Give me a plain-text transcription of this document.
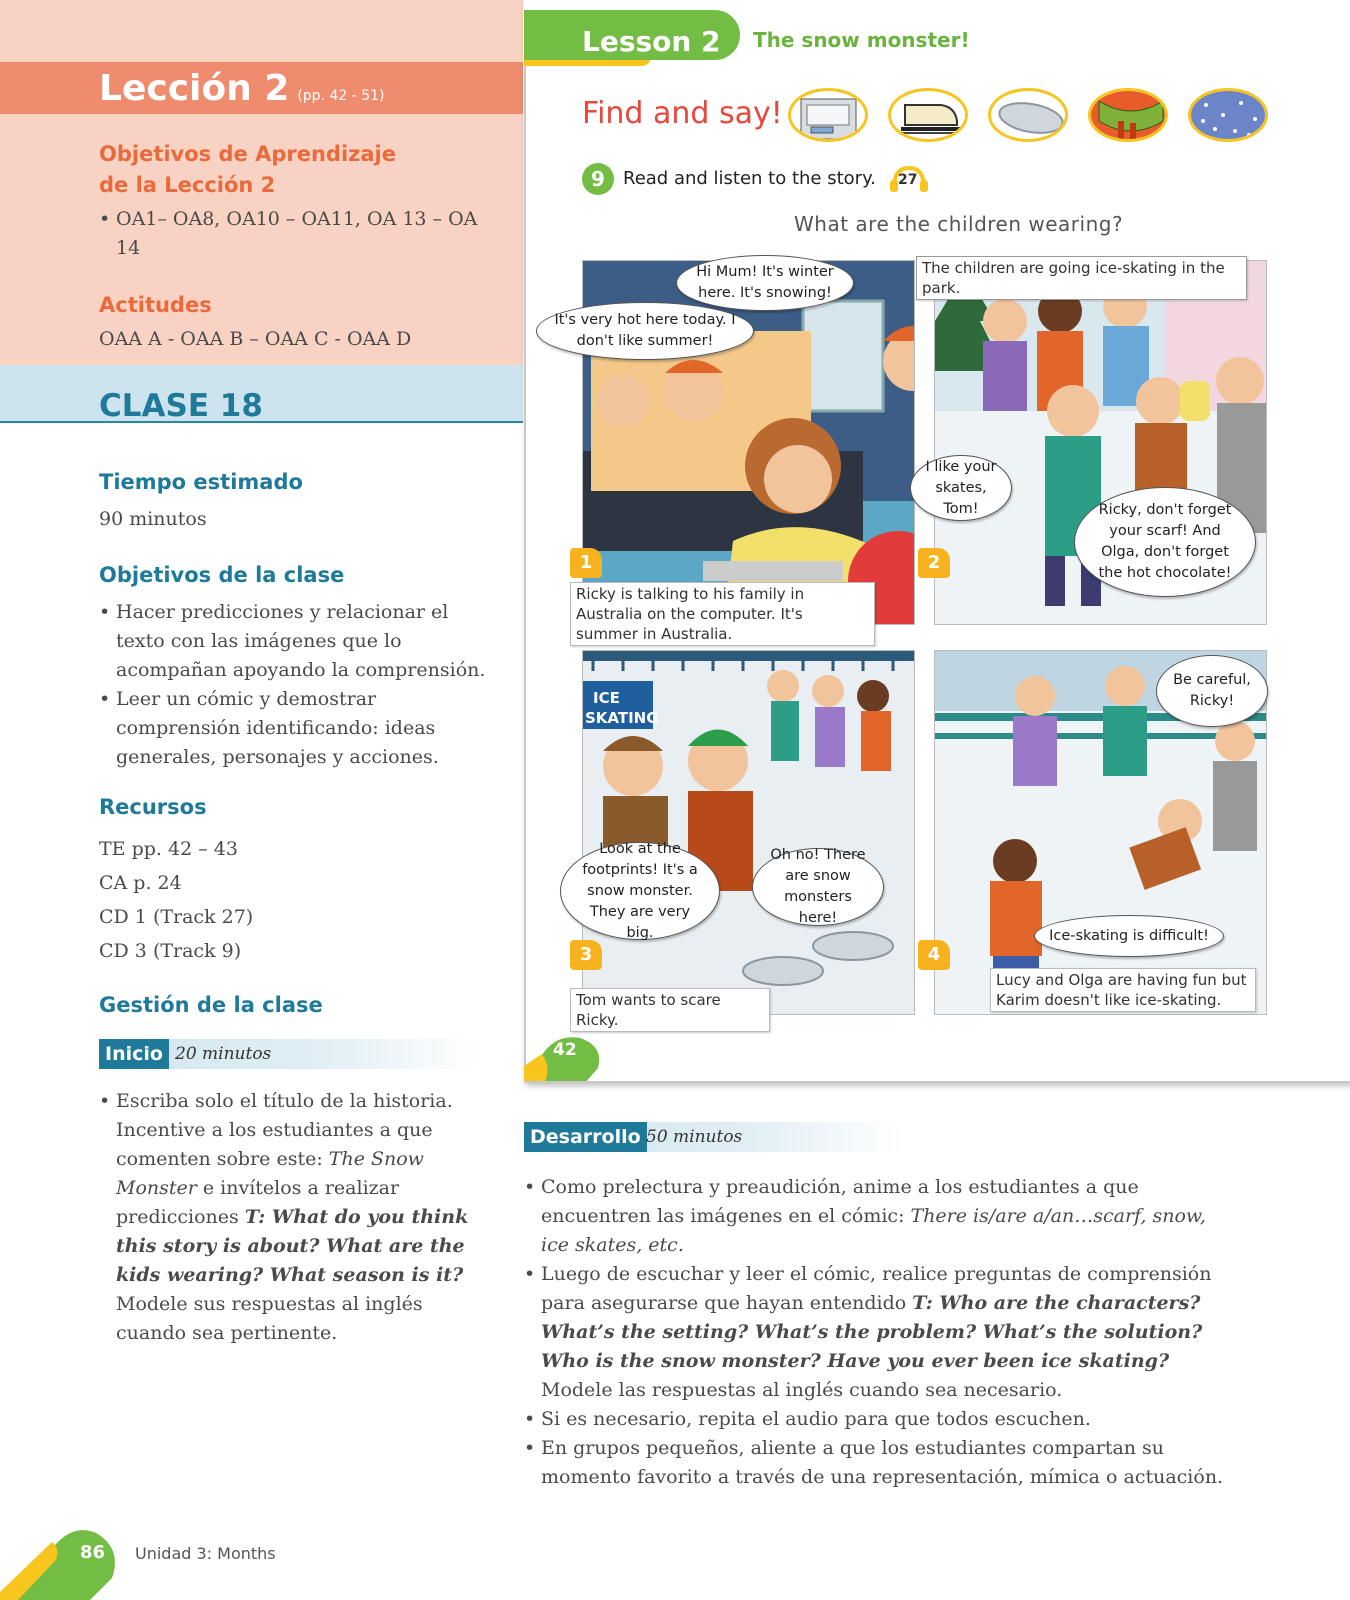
Lección 2 (pp. 42 - 51)
Objetivos de Aprendizaje
de la Lección 2
• OA1– OA8, OA10 – OA11, OA 13 – OA 14
Actitudes
OAA A - OAA B – OAA C - OAA D
CLASE 18
Tiempo estimado
90 minutos
Objetivos de la clase
• Hacer predicciones y relacionar el texto con las imágenes que lo acompañan apoyando la comprensión.
• Leer un cómic y demostrar comprensión identificando: ideas generales, personajes y acciones.
Recursos
TE pp. 42 – 43
CA p. 24
CD 1 (Track 27)
CD 3 (Track 9)
Gestión de la clase
Inicio 20 minutos
• Escriba solo el título de la historia. Incentive a los estudiantes a que comenten sobre este: The Snow Monster e invítelos a realizar predicciones T: What do you think this story is about? What are the kids wearing? What season is it? Modele sus respuestas al inglés cuando sea pertinente.
86 Unidad 3: Months
Lesson 2 The snow monster!
Find and say!
9	Read and listen to the story. 27
What are the children wearing?
Hi Mum! It's winter here. It's snowing!
It's very hot here today. I don't like summer!
1
Ricky is talking to his family in Australia on the computer. It's summer in Australia.
The children are going ice-skating in the park.
I like your skates, Tom!	Ricky, don't forget your scarf! And Olga, don't forget the hot chocolate!
2
ICE
SKATING
Look at the footprints! It's a snow monster. They are very big.
Oh no! There are snow monsters here!
3
Tom wants to scare Ricky.
Be careful, Ricky!
Ice-skating is difficult!
4
Lucy and Olga are having fun but Karim doesn't like ice-skating.
42
Desarrollo 50 minutos
• Como prelectura y preaudición, anime a los estudiantes a que encuentren las imágenes en el cómic: There is/are a/an…scarf, snow, ice skates, etc.
• Luego de escuchar y leer el cómic, realice preguntas de comprensión para asegurarse que hayan entendido T: Who are the characters? What’s the setting? What’s the problem? What’s the solution? Who is the snow monster? Have you ever been ice skating? Modele las respuestas al inglés cuando sea necesario.
• Si es necesario, repita el audio para que todos escuchen.
• En grupos pequeños, aliente a que los estudiantes compartan su momento favorito a través de una representación, mímica o actuación.
